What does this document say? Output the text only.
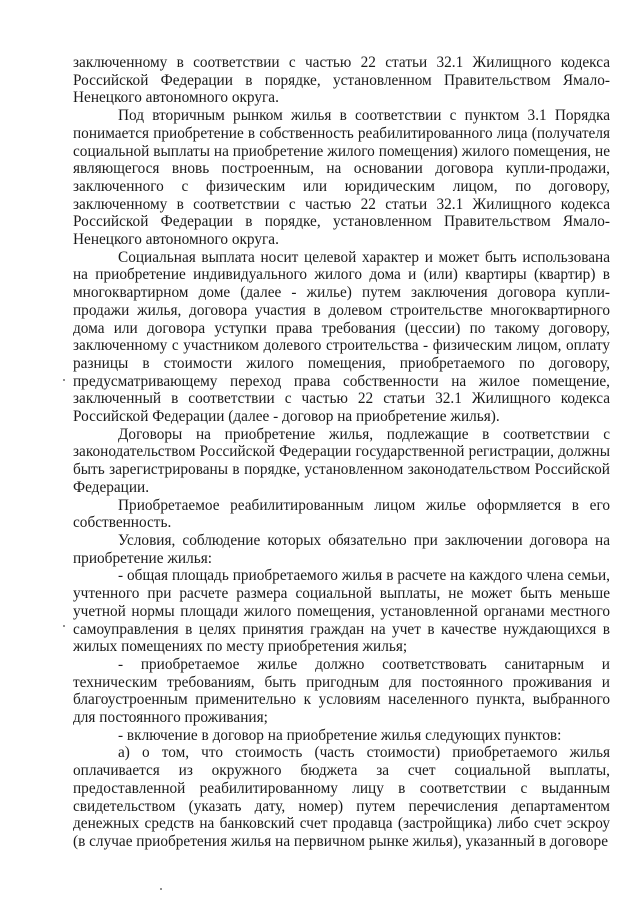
заключенному в соответствии с частью 22 статьи 32.1 Жилищного кодекса Российской Федерации в порядке, установленном Правительством Ямало-Ненецкого автономного округа.

Под вторичным рынком жилья в соответствии с пунктом 3.1 Порядка понимается приобретение в собственность реабилитированного лица (получателя социальной выплаты на приобретение жилого помещения) жилого помещения, не являющегося вновь построенным, на основании договора купли-продажи, заключенного с физическим или юридическим лицом, по договору, заключенному в соответствии с частью 22 статьи 32.1 Жилищного кодекса Российской Федерации в порядке, установленном Правительством Ямало-Ненецкого автономного округа.

Социальная выплата носит целевой характер и может быть использована на приобретение индивидуального жилого дома и (или) квартиры (квартир) в многоквартирном доме (далее - жилье) путем заключения договора купли-продажи жилья, договора участия в долевом строительстве многоквартирного дома или договора уступки права требования (цессии) по такому договору, заключенному с участником долевого строительства - физическим лицом, оплату разницы в стоимости жилого помещения, приобретаемого по договору, предусматривающему переход права собственности на жилое помещение, заключенный в соответствии с частью 22 статьи 32.1 Жилищного кодекса Российской Федерации (далее - договор на приобретение жилья).

Договоры на приобретение жилья, подлежащие в соответствии с законодательством Российской Федерации государственной регистрации, должны быть зарегистрированы в порядке, установленном законодательством Российской Федерации.

Приобретаемое реабилитированным лицом жилье оформляется в его собственность.

Условия, соблюдение которых обязательно при заключении договора на приобретение жилья:

- общая площадь приобретаемого жилья в расчете на каждого члена семьи, учтенного при расчете размера социальной выплаты, не может быть меньше учетной нормы площади жилого помещения, установленной органами местного самоуправления в целях принятия граждан на учет в качестве нуждающихся в жилых помещениях по месту приобретения жилья;

- приобретаемое жилье должно соответствовать санитарным и техническим требованиям, быть пригодным для постоянного проживания и благоустроенным применительно к условиям населенного пункта, выбранного для постоянного проживания;

- включение в договор на приобретение жилья следующих пунктов:

а) о том, что стоимость (часть стоимости) приобретаемого жилья оплачивается из окружного бюджета за счет социальной выплаты, предоставленной реабилитированному лицу в соответствии с выданным свидетельством (указать дату, номер) путем перечисления департаментом денежных средств на банковский счет продавца (застройщика) либо счет эскроу (в случае приобретения жилья на первичном рынке жилья), указанный в договоре
